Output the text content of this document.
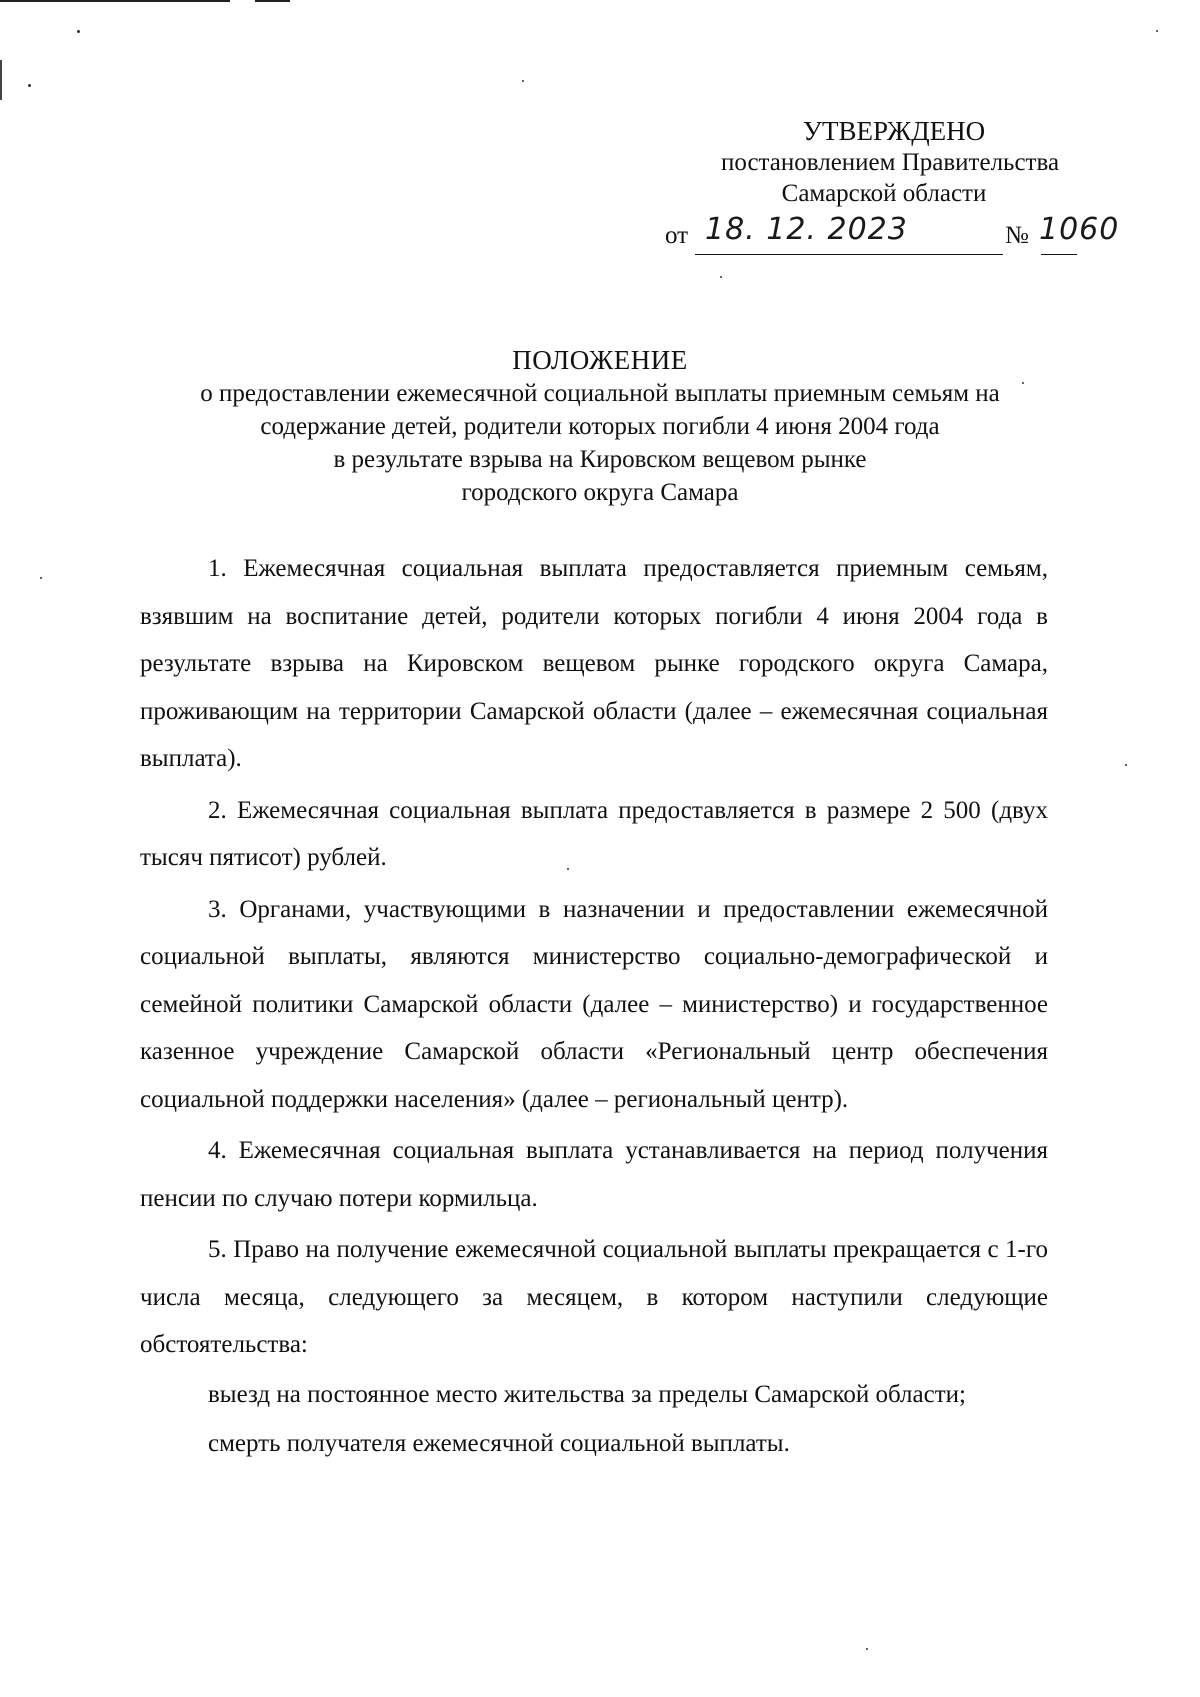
УТВЕРЖДЕНО
постановлением Правительства
Самарской области
от 18. 12. 2023	№ 1060
ПОЛОЖЕНИЕ
о предоставлении ежемесячной социальной выплаты приемным семьям на
содержание детей, родители которых погибли 4 июня 2004 года
в результате взрыва на Кировском вещевом рынке
городского округа Самара

1. Ежемесячная социальная выплата предоставляется приемным семьям, взявшим на воспитание детей, родители которых погибли 4 июня 2004 года в результате взрыва на Кировском вещевом рынке городского округа Самара, проживающим на территории Самарской области (далее – ежемесячная социальная выплата).

2. Ежемесячная социальная выплата предоставляется в размере 2 500 (двух тысяч пятисот) рублей.

3. Органами, участвующими в назначении и предоставлении ежемесячной социальной выплаты, являются министерство социально-демографической и семейной политики Самарской области (далее – министерство) и государственное казенное учреждение Самарской области «Региональный центр обеспечения социальной поддержки населения» (далее – региональный центр).

4. Ежемесячная социальная выплата устанавливается на период получения пенсии по случаю потери кормильца.

5. Право на получение ежемесячной социальной выплаты прекращается с 1-го числа месяца, следующего за месяцем, в котором наступили следующие обстоятельства:

выезд на постоянное место жительства за пределы Самарской области;

смерть получателя ежемесячной социальной выплаты.
